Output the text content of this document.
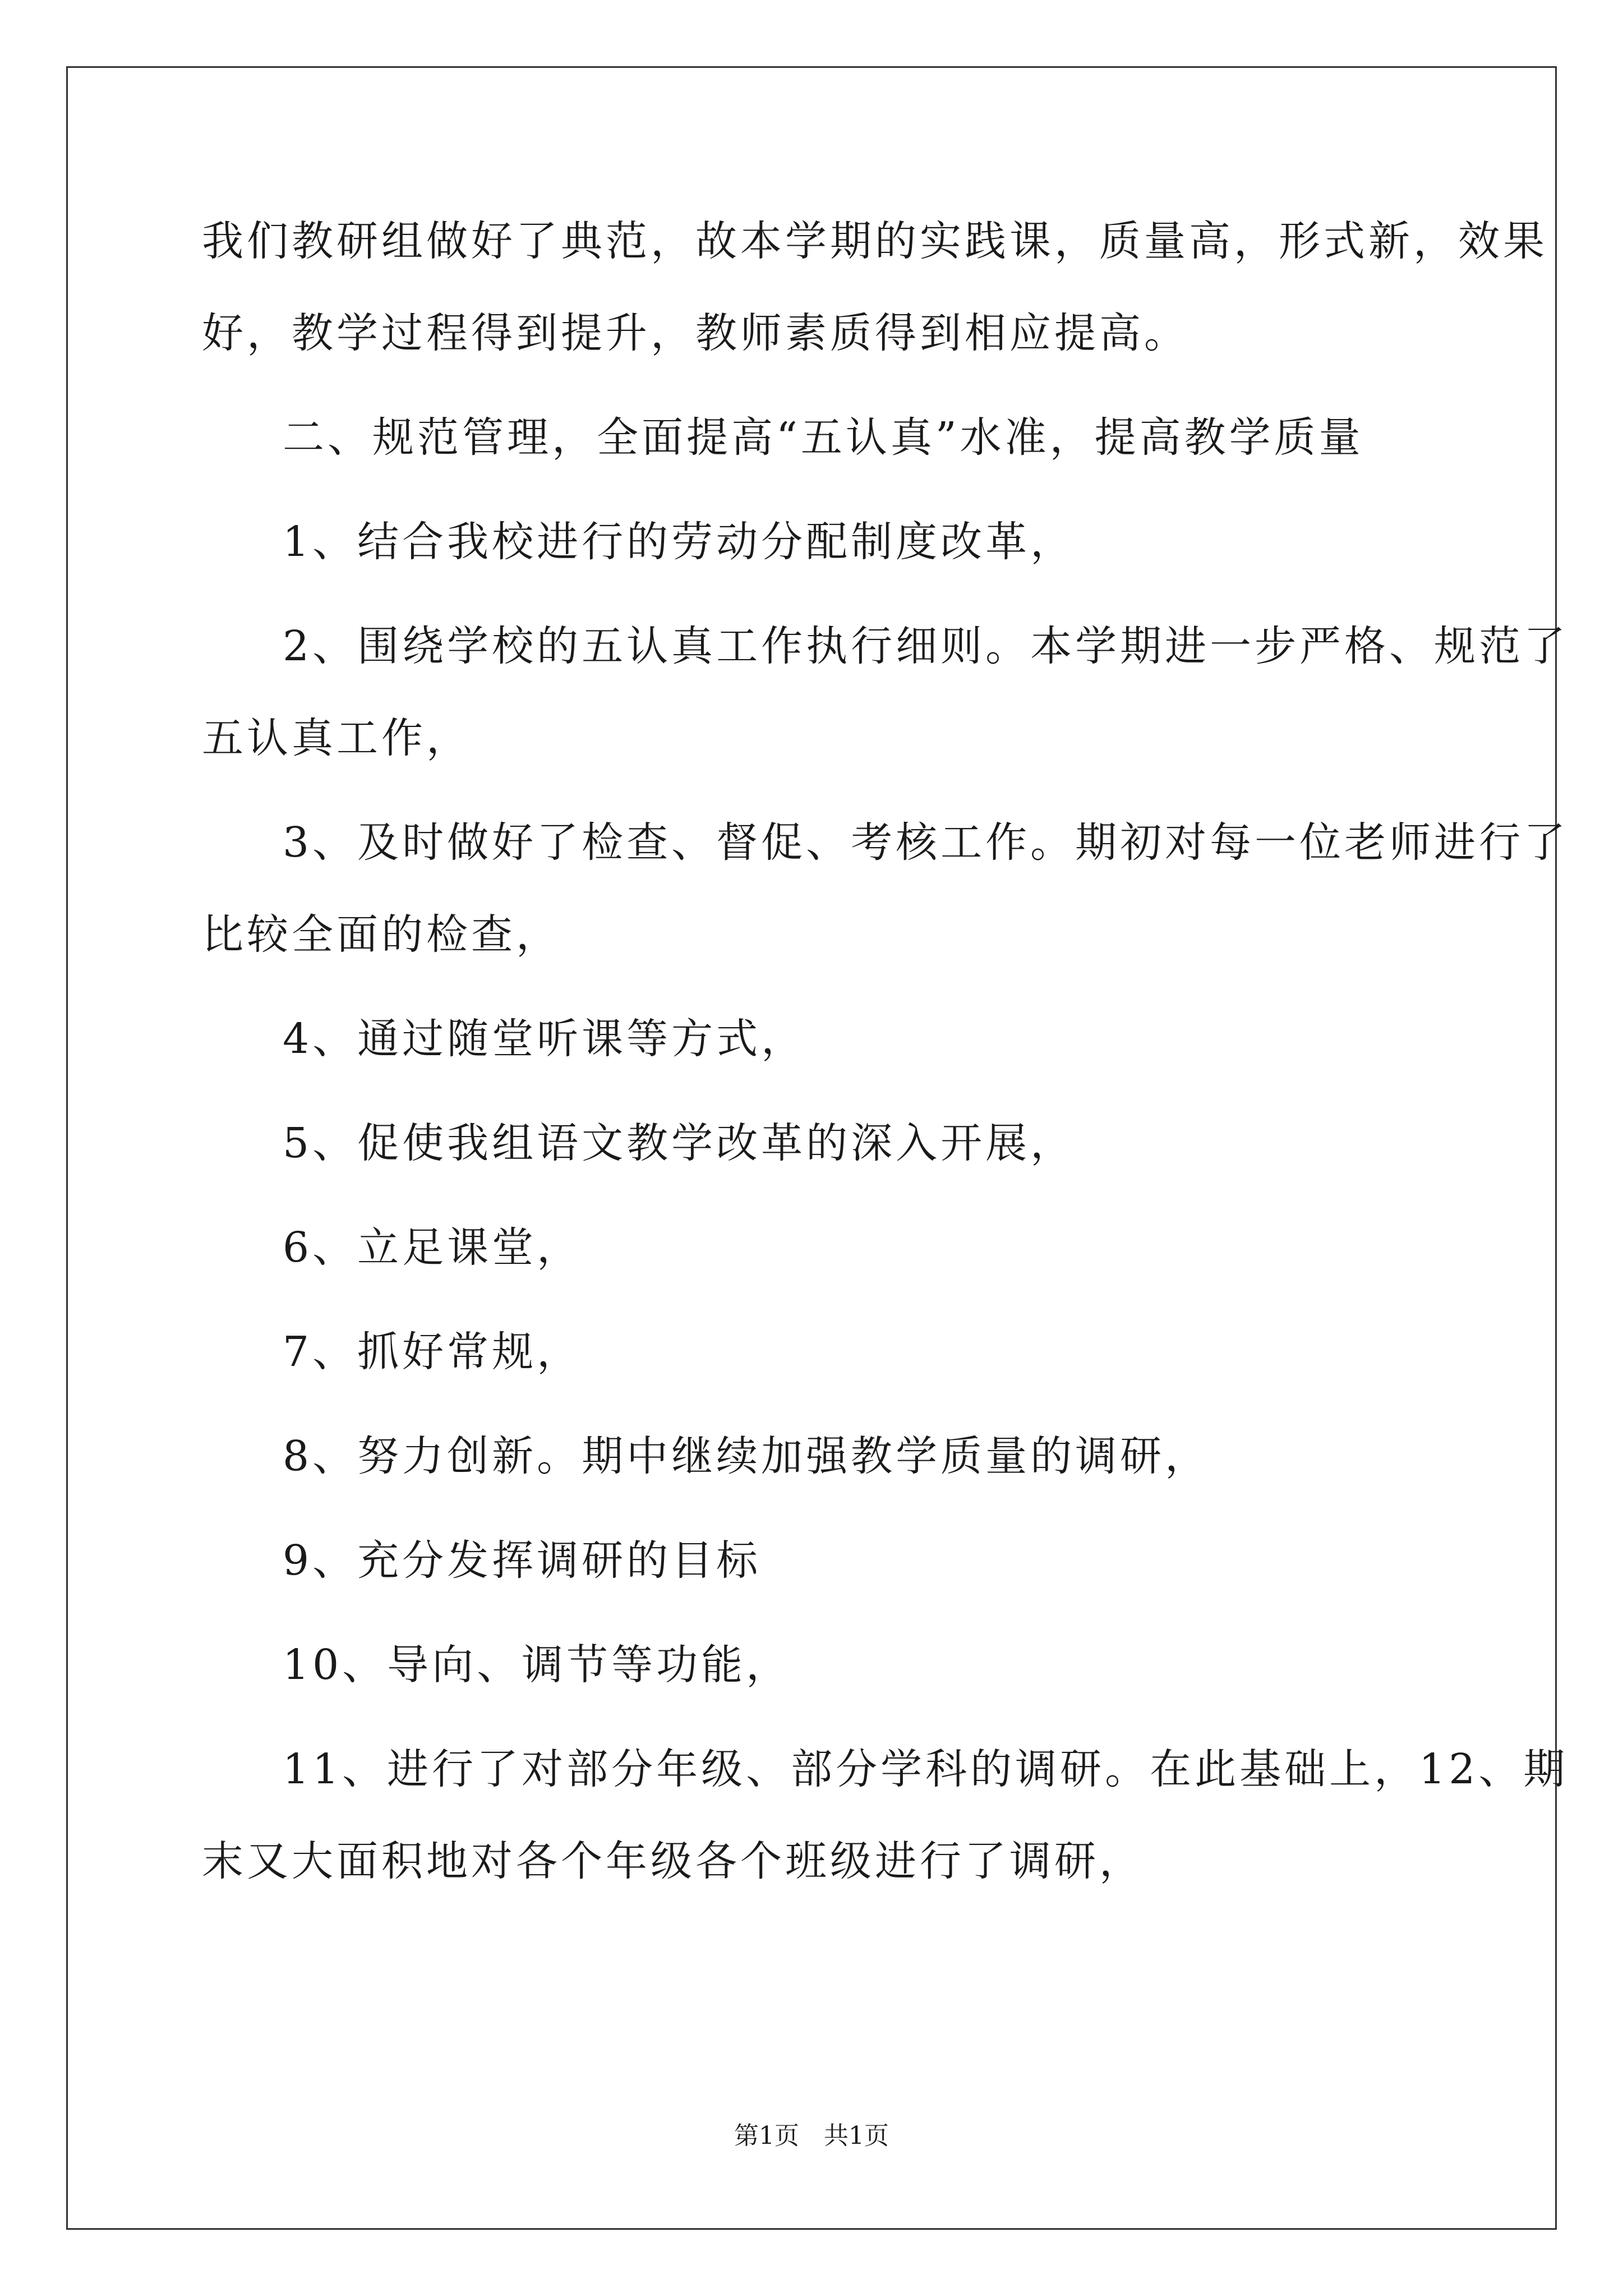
我们教研组做好了典范，故本学期的实践课，质量高，形式新，效果
好，教学过程得到提升，教师素质得到相应提高。
二、规范管理，全面提高“五认真”水准，提高教学质量
1、结合我校进行的劳动分配制度改革，
2、围绕学校的五认真工作执行细则。本学期进一步严格、规范了
五认真工作，
3、及时做好了检查、督促、考核工作。期初对每一位老师进行了
比较全面的检查，
4、通过随堂听课等方式，
5、促使我组语文教学改革的深入开展，
6、立足课堂，
7、抓好常规，
8、努力创新。期中继续加强教学质量的调研，
9、充分发挥调研的目标
10、导向、调节等功能，
11、进行了对部分年级、部分学科的调研。在此基础上，12、期
末又大面积地对各个年级各个班级进行了调研，
第1页　共1页
